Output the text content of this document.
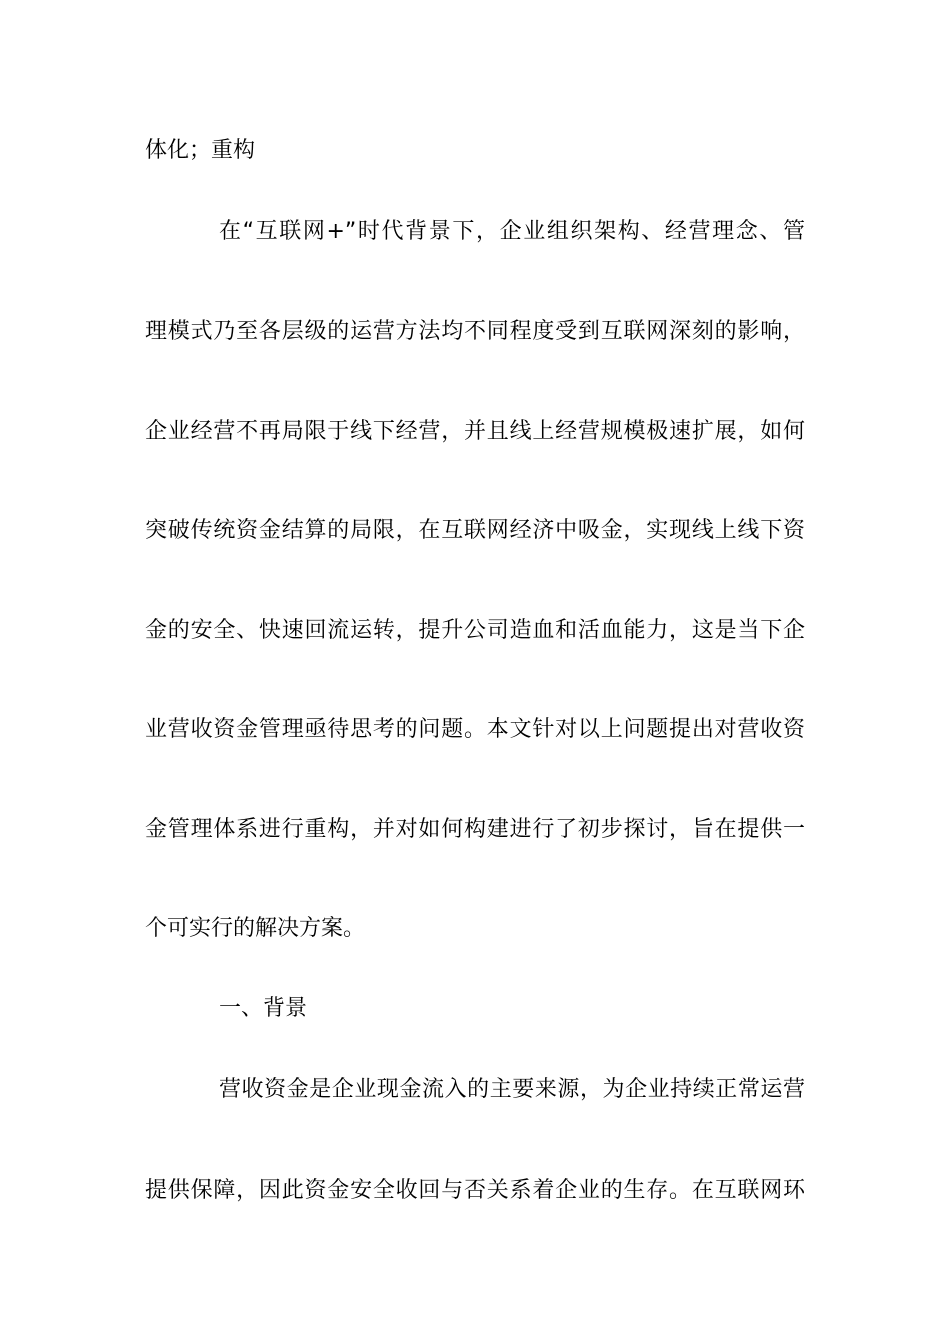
体化；重构
在“互联网+”时代背景下，企业组织架构、经营理念、管
理模式乃至各层级的运营方法均不同程度受到互联网深刻的影响，
企业经营不再局限于线下经营，并且线上经营规模极速扩展，如何
突破传统资金结算的局限，在互联网经济中吸金，实现线上线下资
金的安全、快速回流运转，提升公司造血和活血能力，这是当下企
业营收资金管理亟待思考的问题。本文针对以上问题提出对营收资
金管理体系进行重构，并对如何构建进行了初步探讨，旨在提供一
个可实行的解决方案。
一、背景
营收资金是企业现金流入的主要来源，为企业持续正常运营
提供保障，因此资金安全收回与否关系着企业的生存。在互联网环
